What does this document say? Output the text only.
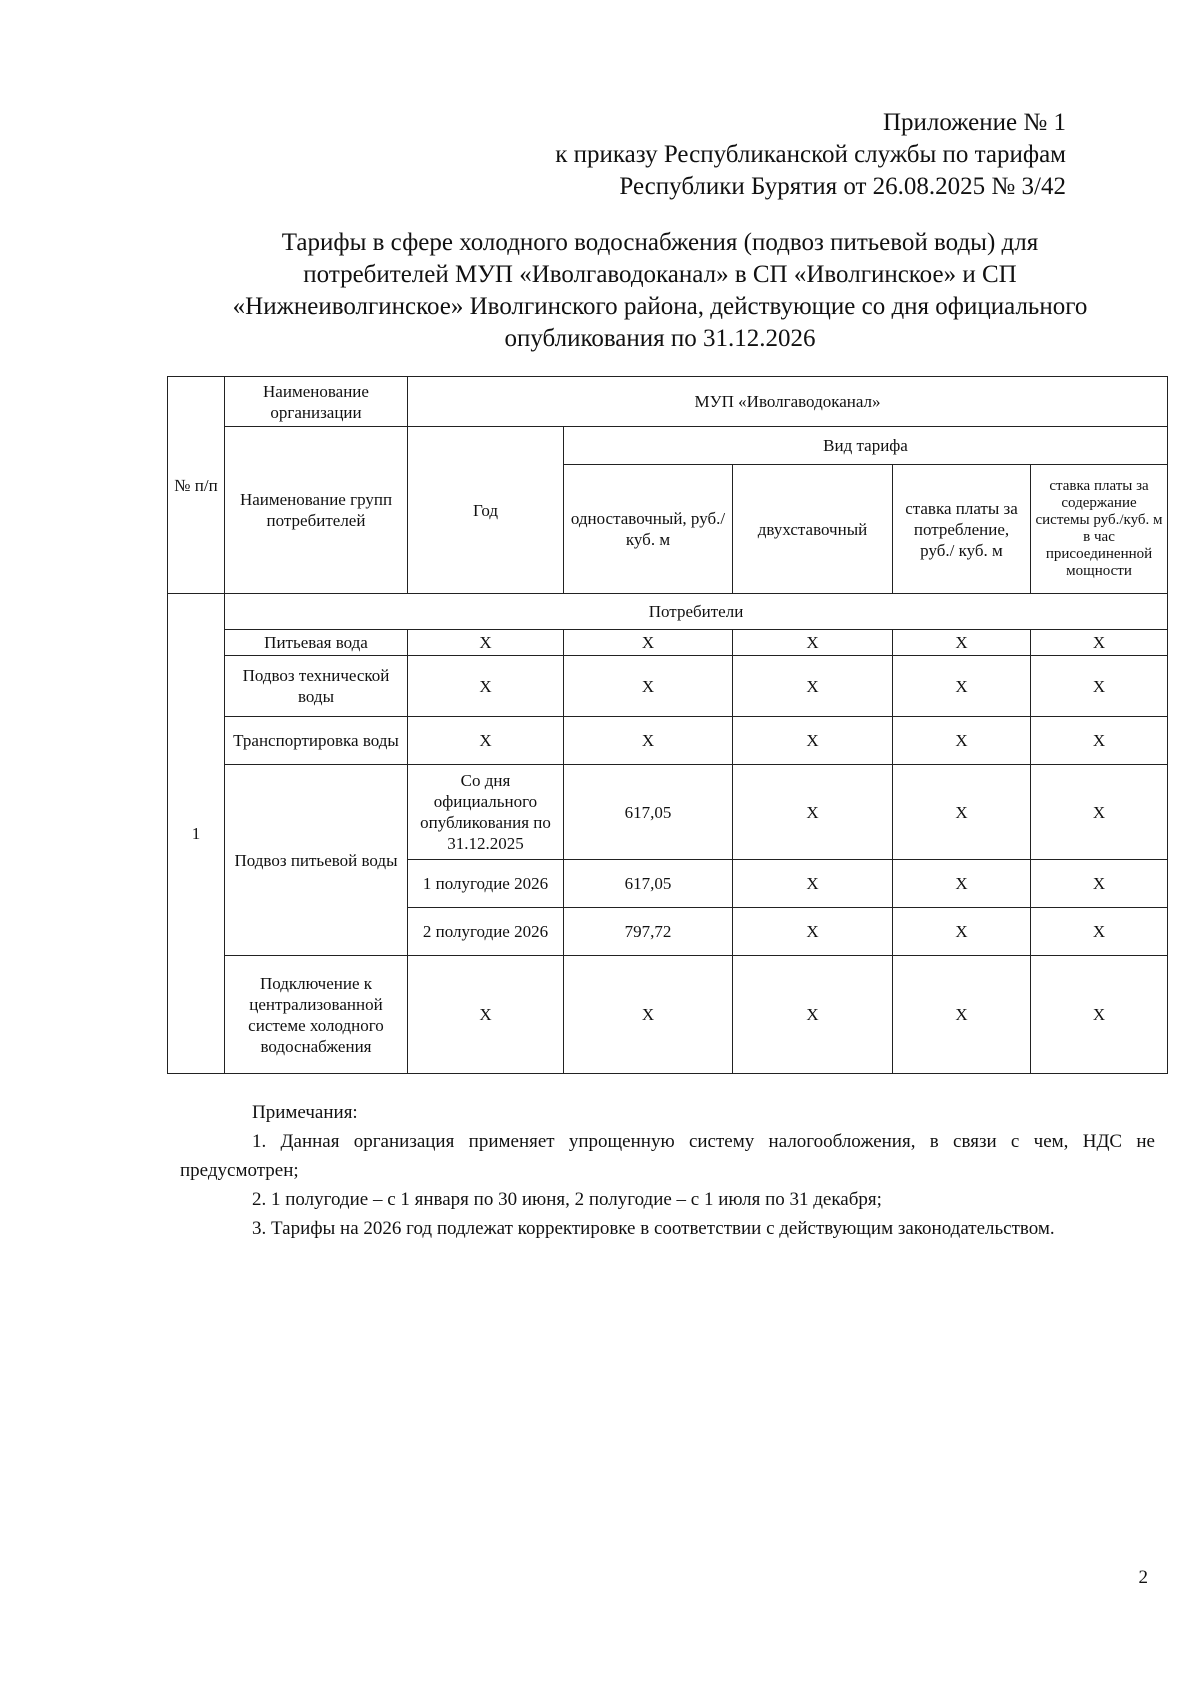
Приложение № 1
к приказу Республиканской службы по тарифам
Республики Бурятия от 26.08.2025 № 3/42
Тарифы в сфере холодного водоснабжения (подвоз питьевой воды) для
потребителей МУП «Иволгаводоканал» в СП «Иволгинское» и СП
«Нижнеиволгинское» Иволгинского района, действующие со дня официального
опубликования по 31.12.2026
№ п/п	Наименование организации	МУП «Иволгаводоканал»				
	Наименование групп потребителей	Год	Вид тарифа			
			одноставочный, руб./ куб. м	двухставочный	ставка платы за потребление, руб./ куб. м	ставка платы за содержание системы руб./куб. м в час присоединенной мощности
1	Потребители					
	Питьевая вода	X	X	X	X	X
	Подвоз технической воды	X	X	X	X	X
	Транспортировка воды	X	X	X	X	X
	Подвоз питьевой воды	Со дня официального опубликования по 31.12.2025	617,05	X	X	X
		1 полугодие 2026	617,05	X	X	X
		2 полугодие 2026	797,72	X	X	X
	Подключение к централизованной системе холодного водоснабжения	X	X	X	X	X

Примечания:

1. Данная организация применяет упрощенную систему налогообложения, в связи с чем, НДС не предусмотрен;

2. 1 полугодие – с 1 января по 30 июня, 2 полугодие – с 1 июля по 31 декабря;

3. Тарифы на 2026 год подлежат корректировке в соответствии с действующим законодательством.

2
